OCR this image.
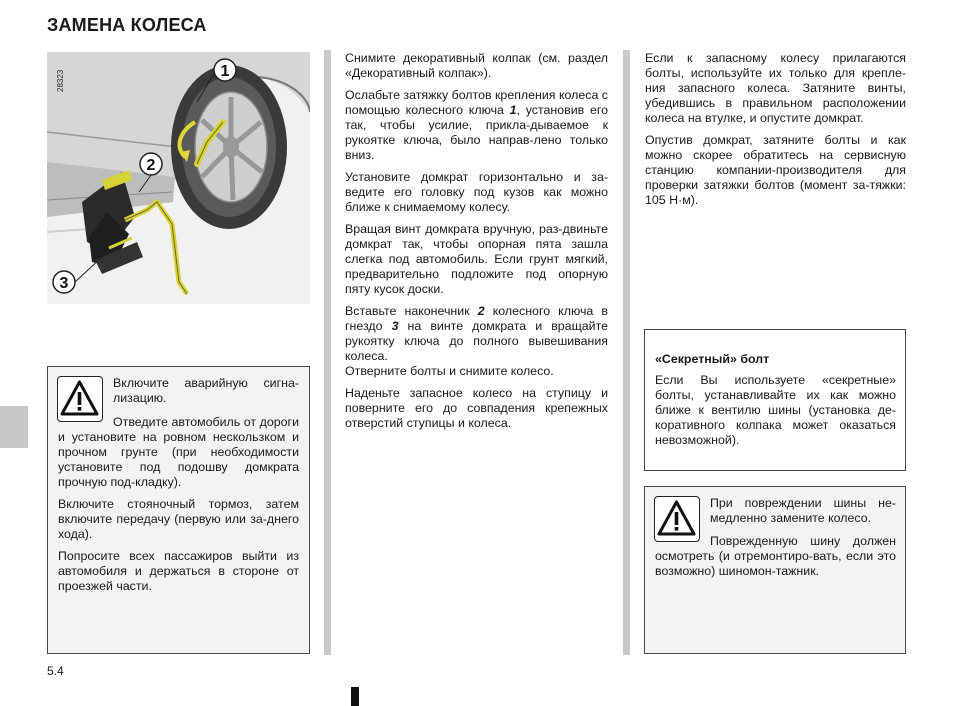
ЗАМЕНА КОЛЕСА
1
2
3
28323

Включите аварийную сигна-лизацию.

Отведите автомобиль от дороги и установите на ровном нескользком и прочном грунте (при необходимости установите под подошву домкрата прочную под-кладку).

Включите стояночный тормоз, затем включите передачу (первую или за-днего хода).

Попросите всех пассажиров выйти из автомобиля и держаться в стороне от проезжей части.

Снимите декоративный колпак (см. раздел «Декоративный колпак»).

Ослабьте затяжку болтов крепления колеса с помощью колесного ключа 1, установив его так, чтобы усилие, прикла-дываемое к рукоятке ключа, было направ-лено только вниз.

Установите домкрат горизонтально и за-ведите его головку под кузов как можно ближе к снимаемому колесу.

Вращая винт домкрата вручную, раз-двиньте домкрат так, чтобы опорная пята зашла слегка под автомобиль. Если грунт мягкий, предварительно подложите под опорную пяту кусок доски.

Вставьте наконечник 2 колесного ключа в гнездо 3 на винте домкрата и вращайте рукоятку ключа до полного вывешивания колеса.

Отверните болты и снимите колесо.

Наденьте запасное колесо на ступицу и поверните его до совпадения крепежных отверстий ступицы и колеса.

Если к запасному колесу прилагаются болты, используйте их только для крепле-ния запасного колеса. Затяните винты, убедившись в правильном расположении колеса на втулке, и опустите домкрат.

Опустив домкрат, затяните болты и как можно скорее обратитесь на сервисную станцию компании-производителя для проверки затяжки болтов (момент за-тяжки: 105 Н·м).

«Секретный» болт

Если Вы используете «секретные» болты, устанавливайте их как можно ближе к вентилю шины (установка де-коративного колпака может оказаться невозможной).

При повреждении шины не-медленно замените колесо.

Поврежденную шину должен осмотреть (и отремонтиро-вать, если это возможно) шиномон-тажник.

5.4
